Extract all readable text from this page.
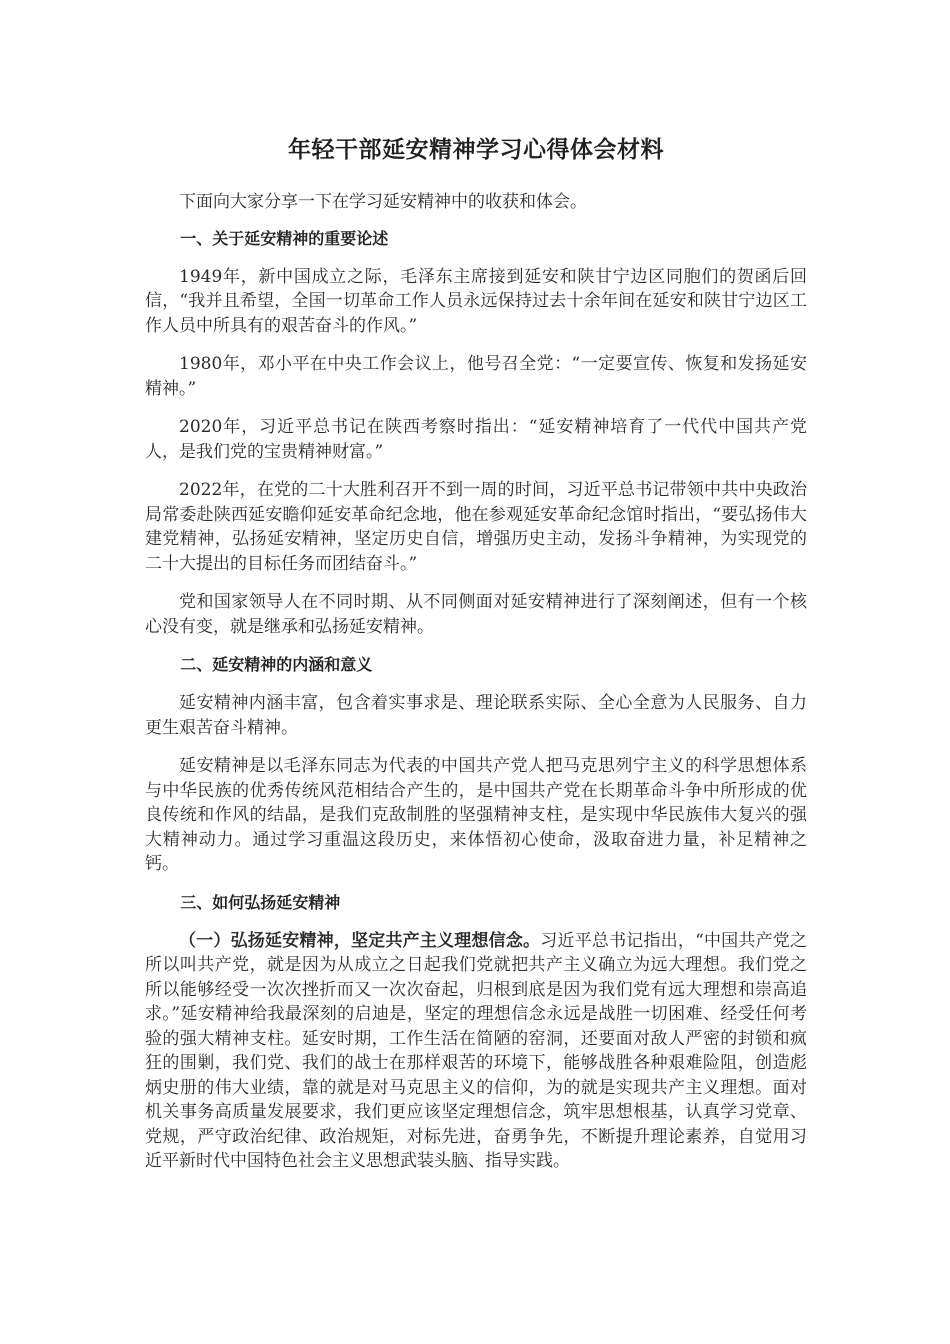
年轻干部延安精神学习心得体会材料

下面向大家分享一下在学习延安精神中的收获和体会。

一、关于延安精神的重要论述

1949年，新中国成立之际，毛泽东主席接到延安和陕甘宁边区同胞们的贺函后回信，“我并且希望，全国一切革命工作人员永远保持过去十余年间在延安和陕甘宁边区工作人员中所具有的艰苦奋斗的作风。”

1980年，邓小平在中央工作会议上，他号召全党：“一定要宣传、恢复和发扬延安精神。”

2020年，习近平总书记在陕西考察时指出：“延安精神培育了一代代中国共产党人，是我们党的宝贵精神财富。”

2022年，在党的二十大胜利召开不到一周的时间，习近平总书记带领中共中央政治局常委赴陕西延安瞻仰延安革命纪念地，他在参观延安革命纪念馆时指出，“要弘扬伟大建党精神，弘扬延安精神，坚定历史自信，增强历史主动，发扬斗争精神，为实现党的二十大提出的目标任务而团结奋斗。”

党和国家领导人在不同时期、从不同侧面对延安精神进行了深刻阐述，但有一个核心没有变，就是继承和弘扬延安精神。

二、延安精神的内涵和意义

延安精神内涵丰富，包含着实事求是、理论联系实际、全心全意为人民服务、自力更生艰苦奋斗精神。

延安精神是以毛泽东同志为代表的中国共产党人把马克思列宁主义的科学思想体系与中华民族的优秀传统风范相结合产生的，是中国共产党在长期革命斗争中所形成的优良传统和作风的结晶，是我们克敌制胜的坚强精神支柱，是实现中华民族伟大复兴的强大精神动力。通过学习重温这段历史，来体悟初心使命，汲取奋进力量，补足精神之钙。

三、如何弘扬延安精神

（一）弘扬延安精神，坚定共产主义理想信念。习近平总书记指出，“中国共产党之所以叫共产党，就是因为从成立之日起我们党就把共产主义确立为远大理想。我们党之所以能够经受一次次挫折而又一次次奋起，归根到底是因为我们党有远大理想和崇高追求。”延安精神给我最深刻的启迪是，坚定的理想信念永远是战胜一切困难、经受任何考验的强大精神支柱。延安时期，工作生活在简陋的窑洞，还要面对敌人严密的封锁和疯狂的围剿，我们党、我们的战士在那样艰苦的环境下，能够战胜各种艰难险阻，创造彪炳史册的伟大业绩，靠的就是对马克思主义的信仰，为的就是实现共产主义理想。面对机关事务高质量发展要求，我们更应该坚定理想信念，筑牢思想根基，认真学习党章、党规，严守政治纪律、政治规矩，对标先进，奋勇争先，不断提升理论素养，自觉用习近平新时代中国特色社会主义思想武装头脑、指导实践。
